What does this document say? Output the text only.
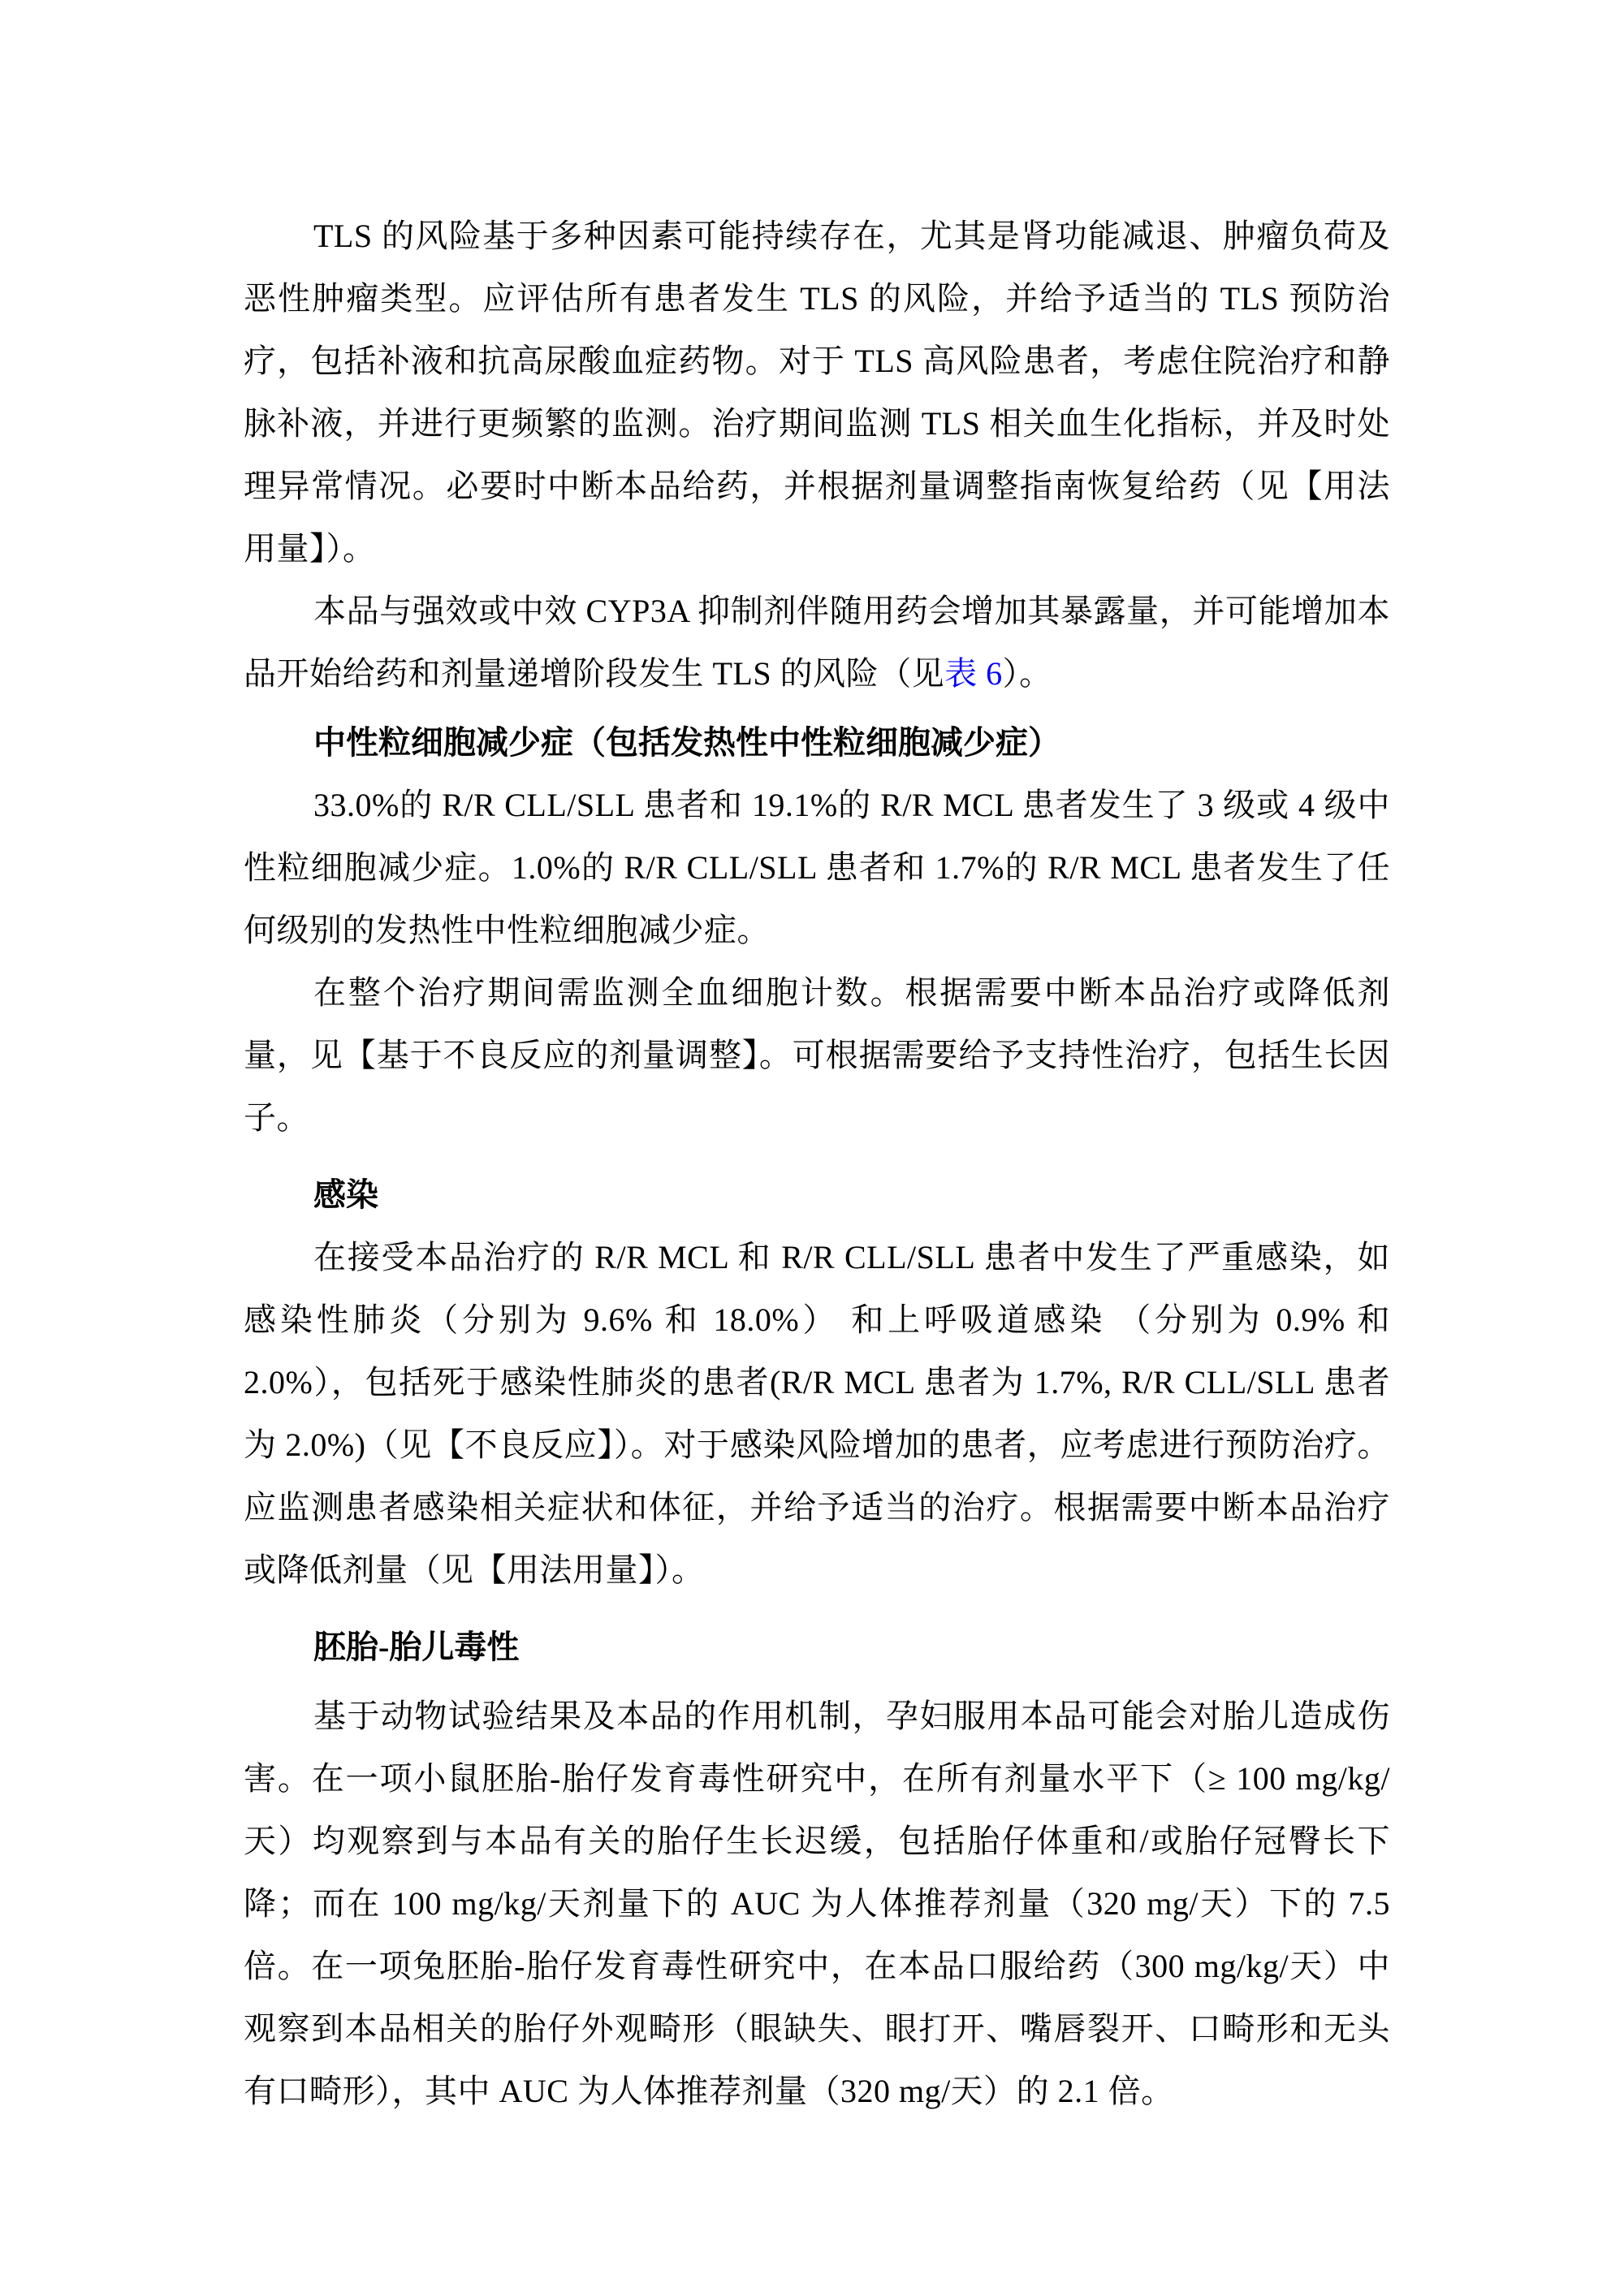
TLS 的风险基于多种因素可能持续存在，尤其是肾功能减退、肿瘤负荷及恶性肿瘤类型。应评估所有患者发生 TLS 的风险，并给予适当的 TLS 预防治疗，包括补液和抗高尿酸血症药物。对于 TLS 高风险患者，考虑住院治疗和静脉补液，并进行更频繁的监测。治疗期间监测 TLS 相关血生化指标，并及时处理异常情况。必要时中断本品给药，并根据剂量调整指南恢复给药（见【用法用量】）。

本品与强效或中效 CYP3A 抑制剂伴随用药会增加其暴露量，并可能增加本品开始给药和剂量递增阶段发生 TLS 的风险（见表 6）。

中性粒细胞减少症（包括发热性中性粒细胞减少症）

33.0%的 R/R CLL/SLL 患者和 19.1%的 R/R MCL 患者发生了 3 级或 4 级中性粒细胞减少症。1.0%的 R/R CLL/SLL 患者和 1.7%的 R/R MCL 患者发生了任何级别的发热性中性粒细胞减少症。

在整个治疗期间需监测全血细胞计数。根据需要中断本品治疗或降低剂量，见【基于不良反应的剂量调整】。可根据需要给予支持性治疗，包括生长因子。

感染

在接受本品治疗的 R/R MCL 和 R/R CLL/SLL 患者中发生了严重感染，如感染性肺炎（分别为 9.6% 和 18.0%） 和上呼吸道感染 （分别为 0.9% 和 2.0%），包括死于感染性肺炎的患者(R/R MCL 患者为 1.7%, R/R CLL/SLL 患者为 2.0%)（见【不良反应】）。对于感染风险增加的患者，应考虑进行预防治疗。应监测患者感染相关症状和体征，并给予适当的治疗。根据需要中断本品治疗或降低剂量（见【用法用量】）。

胚胎-胎儿毒性

基于动物试验结果及本品的作用机制，孕妇服用本品可能会对胎儿造成伤害。在一项小鼠胚胎-胎仔发育毒性研究中，在所有剂量水平下（≥ 100 mg/kg/天）均观察到与本品有关的胎仔生长迟缓，包括胎仔体重和/或胎仔冠臀长下降；而在 100 mg/kg/天剂量下的 AUC 为人体推荐剂量（320 mg/天）下的 7.5 倍。在一项兔胚胎-胎仔发育毒性研究中，在本品口服给药（300 mg/kg/天）中观察到本品相关的胎仔外观畸形（眼缺失、眼打开、嘴唇裂开、口畸形和无头有口畸形），其中 AUC 为人体推荐剂量（320 mg/天）的 2.1 倍。
